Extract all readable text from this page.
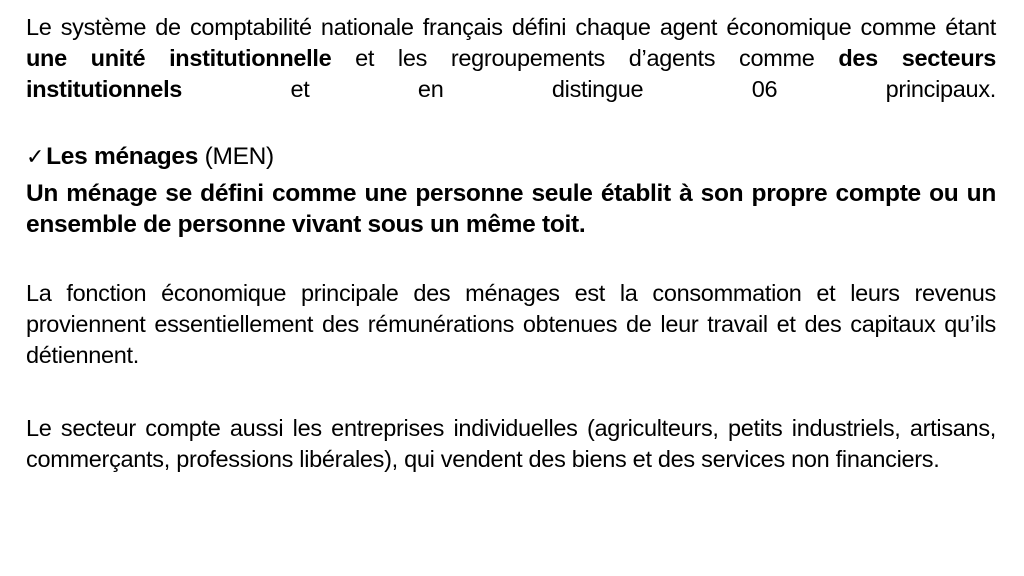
Le système de comptabilité nationale français défini chaque agent économique comme étant une unité institutionnelle et les regroupements d’agents comme des secteurs institutionnels et en distingue 06 principaux.

✓Les ménages (MEN)

Un ménage se défini comme une personne seule établit à son propre compte ou un ensemble de personne vivant sous un même toit.

La fonction économique principale des ménages est la consommation et leurs revenus proviennent essentiellement des rémunérations obtenues de leur travail et des capitaux qu’ils détiennent.

Le secteur compte aussi les entreprises individuelles (agriculteurs, petits industriels, artisans, commerçants, professions libérales), qui vendent des biens et des services non financiers.
